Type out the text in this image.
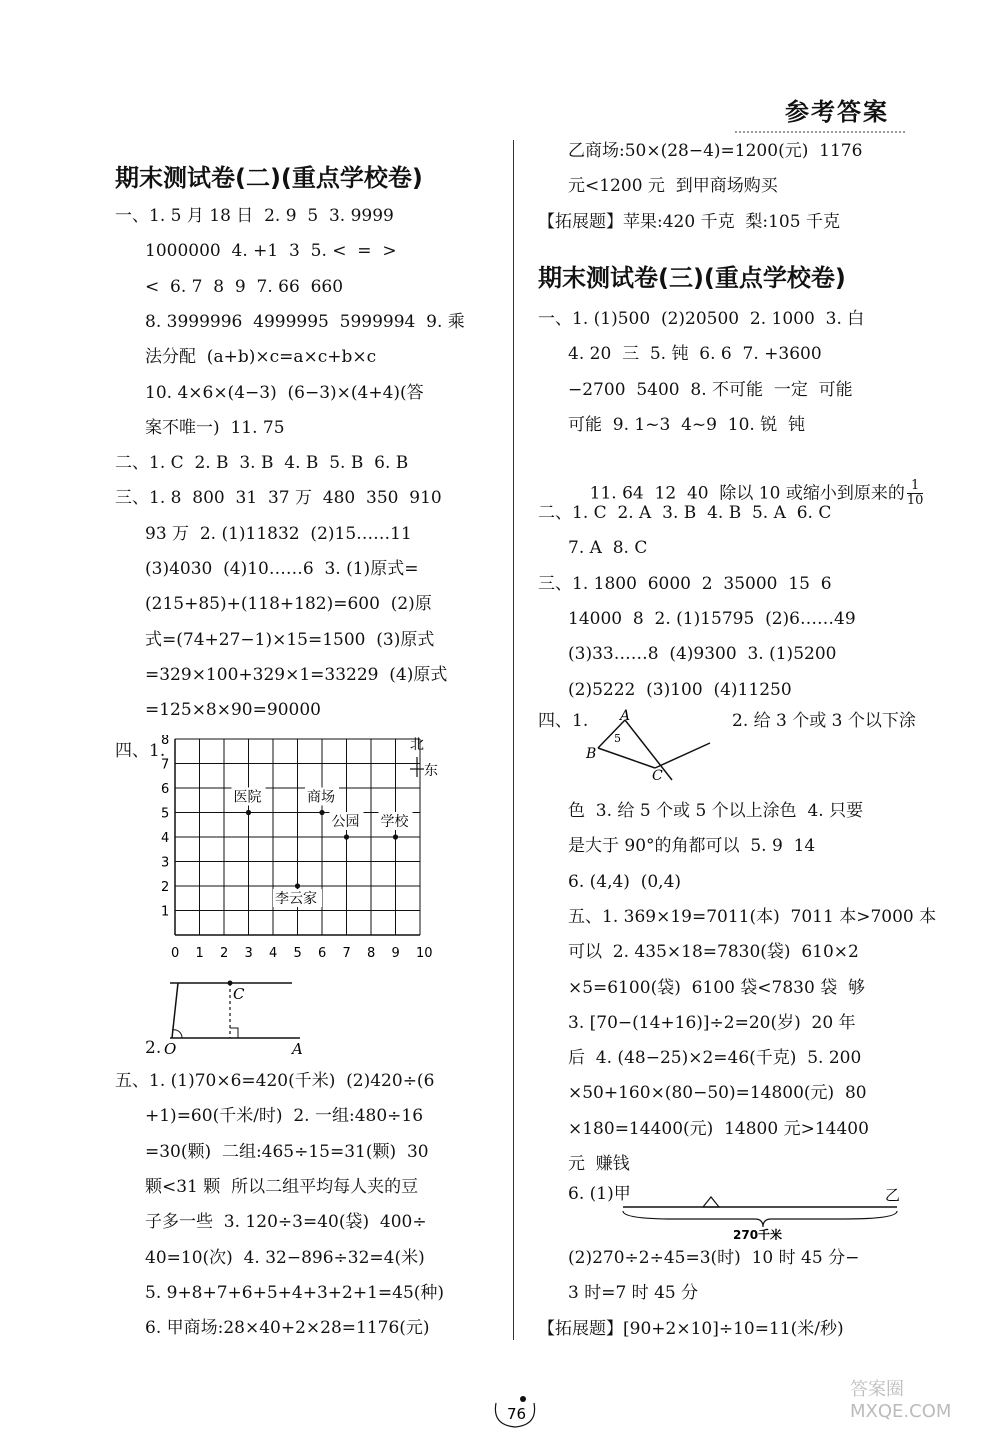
参考答案
期末测试卷(二)(重点学校卷)
一、1. 5 月 18 日  2. 9  5  3. 9999
1000000  4. +1  3  5. <  =  >
<  6. 7  8  9  7. 66  660
8. 3999996  4999995  5999994  9. 乘
法分配  (a+b)×c=a×c+b×c
10. 4×6×(4−3)  (6−3)×(4+4)(答
案不唯一)  11. 75
二、1. C  2. B  3. B  4. B  5. B  6. B
三、1. 8  800  31  37 万  480  350  910
93 万  2. (1)11832  (2)15……11
(3)4030  (4)10……6  3. (1)原式=
(215+85)+(118+182)=600  (2)原
式=(74+27−1)×15=1500  (3)原式
=329×100+329×1=33229  (4)原式
=125×8×90=90000
四、1.
0 1 2 3 4 5 6 7 8 9 10
1
2
3
4
5
6
7
8
医院	商场
公园 学校
李云家
北
东
C
O	A
2.
五、1. (1)70×6=420(千米)  (2)420÷(6
+1)=60(千米/时)  2. 一组:480÷16
=30(颗)  二组:465÷15=31(颗)  30
颗<31 颗  所以二组平均每人夹的豆
子多一些  3. 120÷3=40(袋)  400÷
40=10(次)  4. 32−896÷32=4(米)
5. 9+8+7+6+5+4+3+2+1=45(种)
6. 甲商场:28×40+2×28=1176(元)
乙商场:50×(28−4)=1200(元)  1176
元<1200 元  到甲商场购买
【拓展题】苹果:420 千克  梨:105 千克
期末测试卷(三)(重点学校卷)
一、1. (1)500  (2)20500  2. 1000  3. 白
4. 20  三  5. 钝  6. 6  7. +3600
−2700  5400  8. 不可能  一定  可能
可能  9. 1~3  4~9  10. 锐  钝

11. 64  12  40  除以 10 或缩小到原来的 $\frac{1}{10}$

二、1. C  2. A  3. B  4. B  5. A  6. C
7. A  8. C
三、1. 1800  6000  2  35000  15  6
14000  8  2. (1)15795  (2)6……49
(3)33……8  (4)9300  3. (1)5200
(2)5222  (3)100  (4)11250
四、1. A
B
C
5
2. 给 3 个或 3 个以下涂
色  3. 给 5 个或 5 个以上涂色  4. 只要
是大于 90°的角都可以  5. 9  14
6. (4,4)  (0,4)
五、1. 369×19=7011(本)  7011 本>7000 本
可以  2. 435×18=7830(袋)  610×2
×5=6100(袋)  6100 袋<7830 袋  够
3. [70−(14+16)]÷2=20(岁)  20 年
后  4. (48−25)×2=46(千克)  5. 200
×50+160×(80−50)=14800(元)  80
×180=14400(元)  14800 元>14400
元  赚钱
6. (1)甲	乙
270千米
(2)270÷2÷45=3(时)  10 时 45 分−
3 时=7 时 45 分
【拓展题】[90+2×10]÷10=11(米/秒)
76
答案圈 MXQE.COM
